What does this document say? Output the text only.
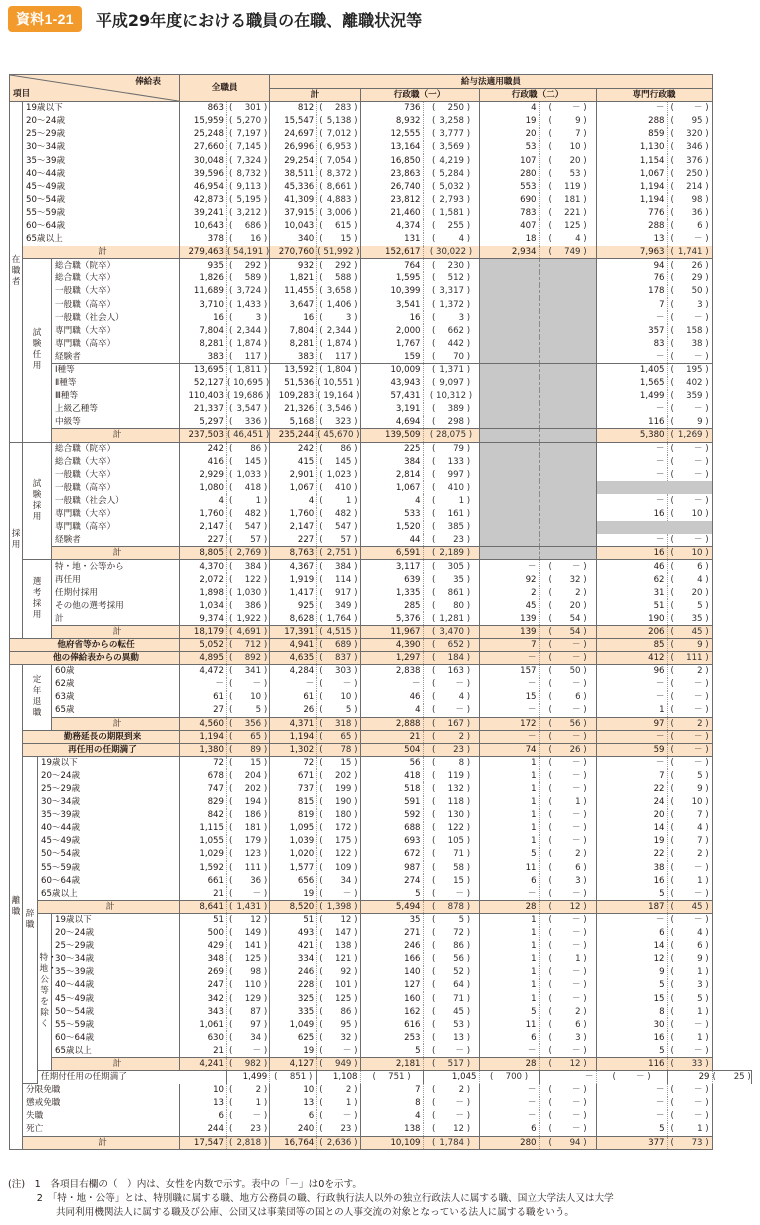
資料1-21	平成29年度における職員の在職、離職状況等
俸給表
項目				全職員		給与法適用職員								
						計		行政職（一）		行政職（二）		専門行政職		
在職者	19歳以下			863	( 301 )	812	( 283 )	736	( 250 )	4	( － )	－	( － )	
	20～24歳			15,959	( 5,270 )	15,547	( 5,138 )	8,932	( 3,258 )	19	( 9 )	288	( 95 )	
	25～29歳			25,248	( 7,197 )	24,697	( 7,012 )	12,555	( 3,777 )	20	( 7 )	859	( 320 )	
	30～34歳			27,660	( 7,145 )	26,996	( 6,953 )	13,164	( 3,569 )	53	( 10 )	1,130	( 346 )	
	35～39歳			30,048	( 7,324 )	29,254	( 7,054 )	16,850	( 4,219 )	107	( 20 )	1,154	( 376 )	
	40～44歳			39,596	( 8,732 )	38,511	( 8,372 )	23,863	( 5,284 )	280	( 53 )	1,067	( 250 )	
	45～49歳			46,954	( 9,113 )	45,336	( 8,661 )	26,740	( 5,032 )	553	( 119 )	1,194	( 214 )	
	50～54歳			42,873	( 5,195 )	41,309	( 4,883 )	23,812	( 2,793 )	690	( 181 )	1,194	( 98 )	
	55～59歳			39,241	( 3,212 )	37,915	( 3,006 )	21,460	( 1,581 )	783	( 221 )	776	( 36 )	
	60～64歳			10,643	( 686 )	10,043	( 615 )	4,374	( 255 )	407	( 125 )	288	( 6 )	
	65歳以上			378	( 16 )	340	( 15 )	131	( 4 )	18	( 4 )	13	( － )	
	計			279,463	( 54,191 )	270,760	( 51,992 )	152,617	( 30,022 )	2,934	( 749 )	7,963	( 1,741 )	
	試験任用		総合職（院卒）	935	( 292 )	932	( 292 )	764	( 230 )			94	( 26 )	
			総合職（大卒）	1,826	( 589 )	1,821	( 588 )	1,595	( 512 )			76	( 29 )	
			一般職（大卒）	11,689	( 3,724 )	11,455	( 3,658 )	10,399	( 3,317 )			178	( 50 )	
			一般職（高卒）	3,710	( 1,433 )	3,647	( 1,406 )	3,541	( 1,372 )			7	( 3 )	
			一般職（社会人）	16	( 3 )	16	( 3 )	16	( 3 )			－	( － )	
			専門職（大卒）	7,804	( 2,344 )	7,804	( 2,344 )	2,000	( 662 )			357	( 158 )	
			専門職（高卒）	8,281	( 1,874 )	8,281	( 1,874 )	1,767	( 442 )			83	( 38 )	
			経験者	383	( 117 )	383	( 117 )	159	( 70 )			－	( － )	
			Ⅰ種等	13,695	( 1,811 )	13,592	( 1,804 )	10,009	( 1,371 )			1,405	( 195 )	
			Ⅱ種等	52,127	( 10,695 )	51,536	( 10,551 )	43,943	( 9,097 )			1,565	( 402 )	
			Ⅲ種等	110,403	( 19,686 )	109,283	( 19,164 )	57,431	( 10,312 )			1,499	( 359 )	
			上級乙種等	21,337	( 3,547 )	21,326	( 3,546 )	3,191	( 389 )			－	( － )	
			中級等	5,297	( 336 )	5,168	( 323 )	4,694	( 298 )			116	( 9 )	
			計	237,503	( 46,451 )	235,244	( 45,670 )	139,509	( 28,075 )			5,380	( 1,269 )	
採用	試験採用		総合職（院卒）	242	( 86 )	242	( 86 )	225	( 79 )			－	( － )	
			総合職（大卒）	416	( 145 )	415	( 145 )	384	( 133 )			－	( － )	
			一般職（大卒）	2,929	( 1,033 )	2,901	( 1,023 )	2,814	( 997 )			－	( － )	
			一般職（高卒）	1,080	( 418 )	1,067	( 410 )	1,067	( 410 )					
			一般職（社会人）	4	( 1 )	4	( 1 )	4	( 1 )			－	( － )	
			専門職（大卒）	1,760	( 482 )	1,760	( 482 )	533	( 161 )			16	( 10 )	
			専門職（高卒）	2,147	( 547 )	2,147	( 547 )	1,520	( 385 )					
			経験者	227	( 57 )	227	( 57 )	44	( 23 )			－	( － )	
			計	8,805	( 2,769 )	8,763	( 2,751 )	6,591	( 2,189 )			16	( 10 )	
	選考採用		特・地・公等から	4,370	( 384 )	4,367	( 384 )	3,117	( 305 )	－	( － )	46	( 6 )	
			再任用	2,072	( 122 )	1,919	( 114 )	639	( 35 )	92	( 32 )	62	( 4 )	
			任期付採用	1,898	( 1,030 )	1,417	( 917 )	1,335	( 861 )	2	( 2 )	31	( 20 )	
			その他の選考採用	1,034	( 386 )	925	( 349 )	285	( 80 )	45	( 20 )	51	( 5 )	
			計	9,374	( 1,922 )	8,628	( 1,764 )	5,376	( 1,281 )	139	( 54 )	190	( 35 )	
			計	18,179	( 4,691 )	17,391	( 4,515 )	11,967	( 3,470 )	139	( 54 )	206	( 45 )	
他府省等からの転任				5,052	( 712 )	4,941	( 689 )	4,390	( 652 )	7	( － )	85	( 9 )	
他の俸給表からの異動				4,895	( 892 )	4,635	( 837 )	1,297	( 184 )	－	( － )	412	( 111 )	
離職	定年退職		60歳	4,472	( 341 )	4,284	( 303 )	2,838	( 163 )	157	( 50 )	96	( 2 )	
			62歳	－	( － )	－	( － )	－	( － )	－	( － )	－	( － )	
			63歳	61	( 10 )	61	( 10 )	46	( 4 )	15	( 6 )	－	( － )	
			65歳	27	( 5 )	26	( 5 )	4	( － )	－	( － )	1	( － )	
			計	4,560	( 356 )	4,371	( 318 )	2,888	( 167 )	172	( 56 )	97	( 2 )	
	勤務延長の期限到来			1,194	( 65 )	1,194	( 65 )	21	( 2 )	－	( － )	－	( － )	
	再任用の任期満了			1,380	( 89 )	1,302	( 78 )	504	( 23 )	74	( 26 )	59	( － )	
	辞職	19歳以下		72	( 15 )	72	( 15 )	56	( 8 )	1	( － )	－	( － )	
		20～24歳		678	( 204 )	671	( 202 )	418	( 119 )	1	( － )	7	( 5 )	
		25～29歳		747	( 202 )	737	( 199 )	518	( 132 )	1	( － )	22	( 9 )	
		30～34歳		829	( 194 )	815	( 190 )	591	( 118 )	1	( 1 )	24	( 10 )	
		35～39歳		842	( 186 )	819	( 180 )	592	( 130 )	1	( － )	20	( 7 )	
		40～44歳		1,115	( 181 )	1,095	( 172 )	688	( 122 )	1	( － )	14	( 4 )	
		45～49歳		1,055	( 179 )	1,039	( 175 )	693	( 105 )	1	( － )	19	( 7 )	
		50～54歳		1,029	( 123 )	1,020	( 122 )	672	( 71 )	5	( 2 )	22	( 2 )	
		55～59歳		1,592	( 111 )	1,577	( 109 )	987	( 58 )	11	( 6 )	38	( － )	
		60～64歳		661	( 36 )	656	( 34 )	274	( 15 )	6	( 3 )	16	( 1 )	
		65歳以上		21	( － )	19	( － )	5	( － )	－	( － )	5	( － )	
		計		8,641	( 1,431 )	8,520	( 1,398 )	5,494	( 878 )	28	( 12 )	187	( 45 )	
		特・地・公等を除く	19歳以下	51	( 12 )	51	( 12 )	35	( 5 )	1	( － )	－	( － )	
			20～24歳	500	( 149 )	493	( 147 )	271	( 72 )	1	( － )	6	( 4 )	
			25～29歳	429	( 141 )	421	( 138 )	246	( 86 )	1	( － )	14	( 6 )	
			30～34歳	348	( 125 )	334	( 121 )	166	( 56 )	1	( 1 )	12	( 9 )	
			35～39歳	269	( 98 )	246	( 92 )	140	( 52 )	1	( － )	9	( 1 )	
			40～44歳	247	( 110 )	228	( 101 )	127	( 64 )	1	( － )	5	( 3 )	
			45～49歳	342	( 129 )	325	( 125 )	160	( 71 )	1	( － )	15	( 5 )	
			50～54歳	343	( 87 )	335	( 86 )	162	( 45 )	5	( 2 )	8	( 1 )	
			55～59歳	1,061	( 97 )	1,049	( 95 )	616	( 53 )	11	( 6 )	30	( － )	
			60～64歳	630	( 34 )	625	( 32 )	253	( 13 )	6	( 3 )	16	( 1 )	
			65歳以上	21	( － )	19	( － )	5	( － )	－	( － )	5	( － )	
			計	4,241	( 982 )	4,127	( 949 )	2,181	( 517 )	28	( 12 )	116	( 33 )	
		任期付任用の任期満了			1,499	( 851 )	1,108	( 751 )	1,045	( 700 )	－	( － )	29	( 25 )
	分限免職			10	( 2 )	10	( 2 )	7	( 2 )	－	( － )	－	( － )	
	懲戒免職			13	( 1 )	13	( 1 )	8	( － )	－	( － )	－	( － )	
	失職			6	( － )	6	( － )	4	( － )	－	( － )	－	( － )	
	死亡			244	( 23 )	240	( 23 )	138	( 12 )	6	( － )	5	( 1 )	
	計			17,547	( 2,818 )	16,764	( 2,636 )	10,109	( 1,784 )	280	( 94 )	377	( 73 )	
(注)　1　各項目右欄の（　）内は、女性を内数で示す。表中の「－」は0を示す。
　　　2　「特・地・公等」とは、特別職に属する職、地方公務員の職、行政執行法人以外の独立行政法人に属する職、国立大学法人又は大学
　　　　　共同利用機関法人に属する職及び公庫、公団又は事業団等の国との人事交流の対象となっている法人に属する職をいう。
